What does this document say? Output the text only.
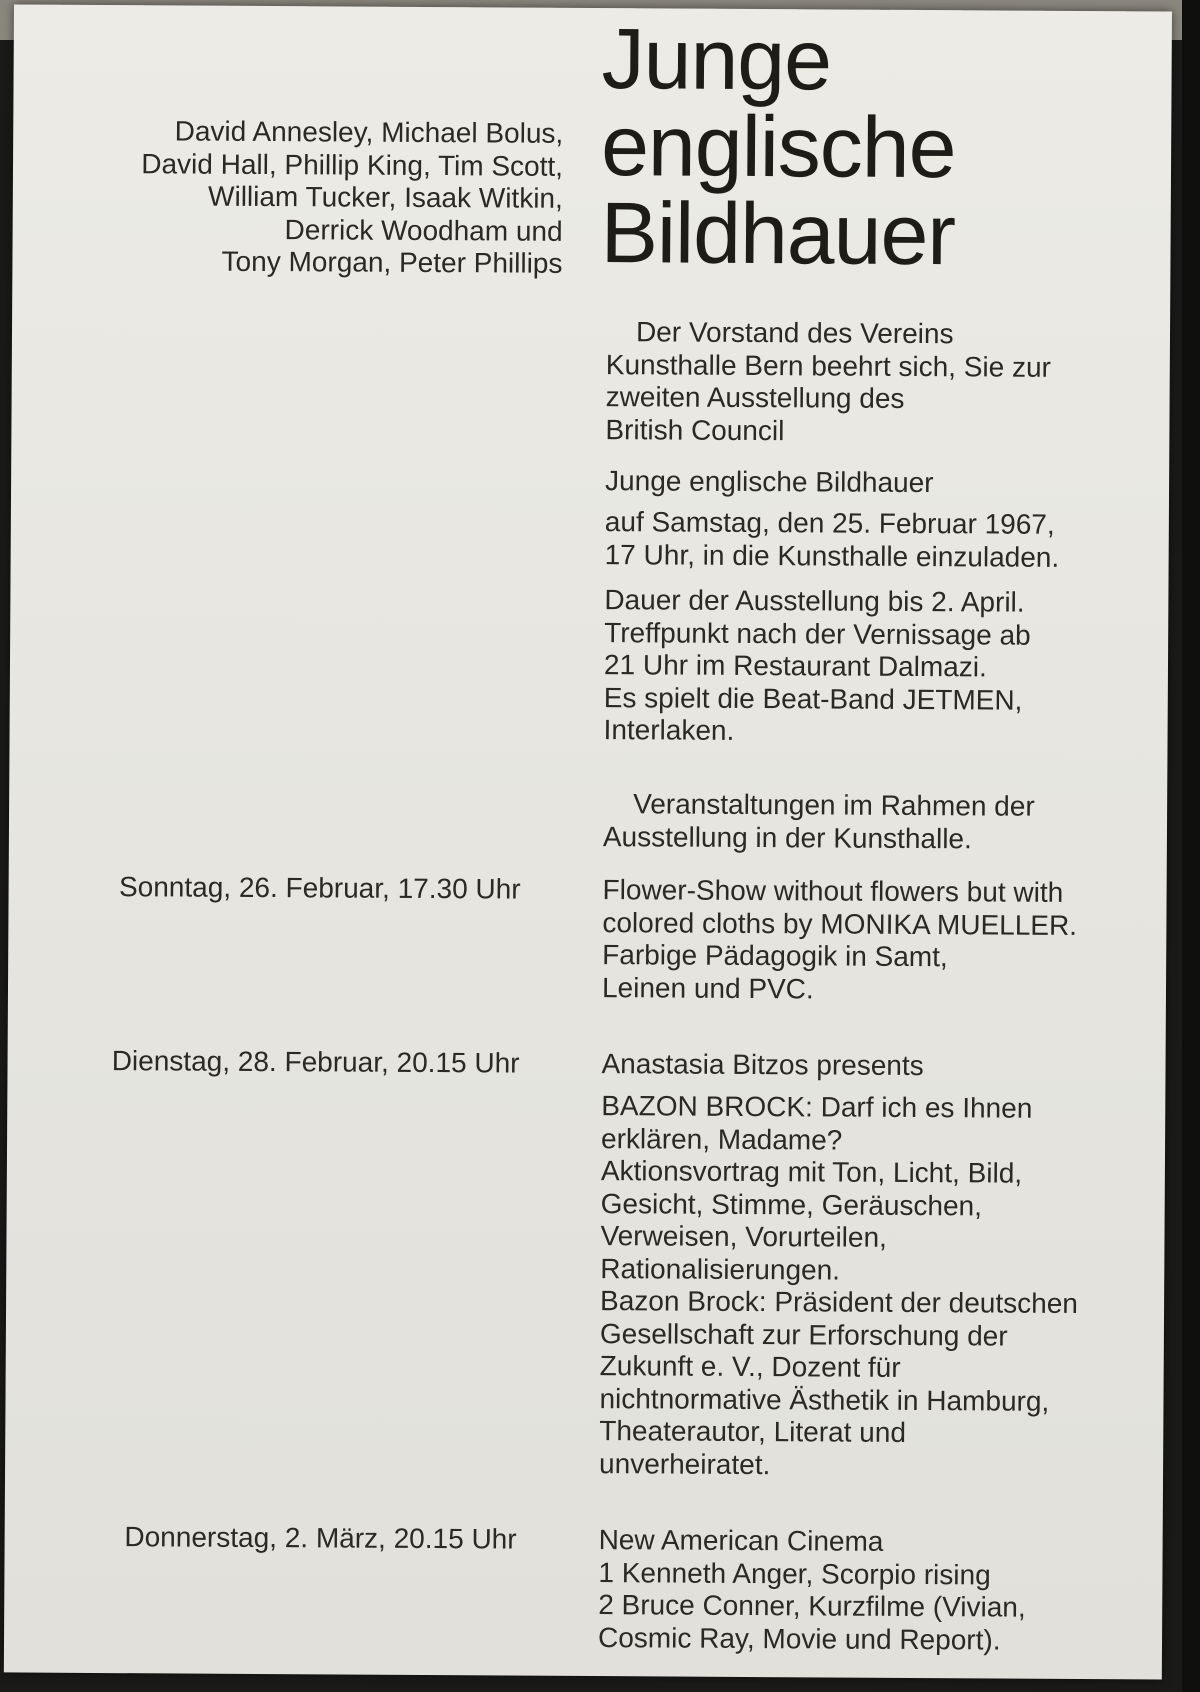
David Annesley, Michael Bolus,
David Hall, Phillip King, Tim Scott,
William Tucker, Isaak Witkin,
Derrick Woodham und
Tony Morgan, Peter Phillips
Junge
englische
Bildhauer
Der Vorstand des Vereins
Kunsthalle Bern beehrt sich, Sie zur
zweiten Ausstellung des
British Council
Junge englische Bildhauer
auf Samstag, den 25. Februar 1967,
17 Uhr, in die Kunsthalle einzuladen.
Dauer der Ausstellung bis 2. April.
Treffpunkt nach der Vernissage ab
21 Uhr im Restaurant Dalmazi.
Es spielt die Beat-Band JETMEN,
Interlaken.
Veranstaltungen im Rahmen der
Ausstellung in der Kunsthalle.
Sonntag, 26. Februar, 17.30 Uhr	Flower-Show without flowers but with
colored cloths by MONIKA MUELLER.
Farbige Pädagogik in Samt,
Leinen und PVC.
Dienstag, 28. Februar, 20.15 Uhr	Anastasia Bitzos presents
BAZON BROCK: Darf ich es Ihnen
erklären, Madame?
Aktionsvortrag mit Ton, Licht, Bild,
Gesicht, Stimme, Geräuschen,
Verweisen, Vorurteilen,
Rationalisierungen.
Bazon Brock: Präsident der deutschen
Gesellschaft zur Erforschung der
Zukunft e. V., Dozent für
nichtnormative Ästhetik in Hamburg,
Theaterautor, Literat und
unverheiratet.
Donnerstag, 2. März, 20.15 Uhr	New American Cinema
1 Kenneth Anger, Scorpio rising
2 Bruce Conner, Kurzfilme (Vivian,
Cosmic Ray, Movie und Report).
